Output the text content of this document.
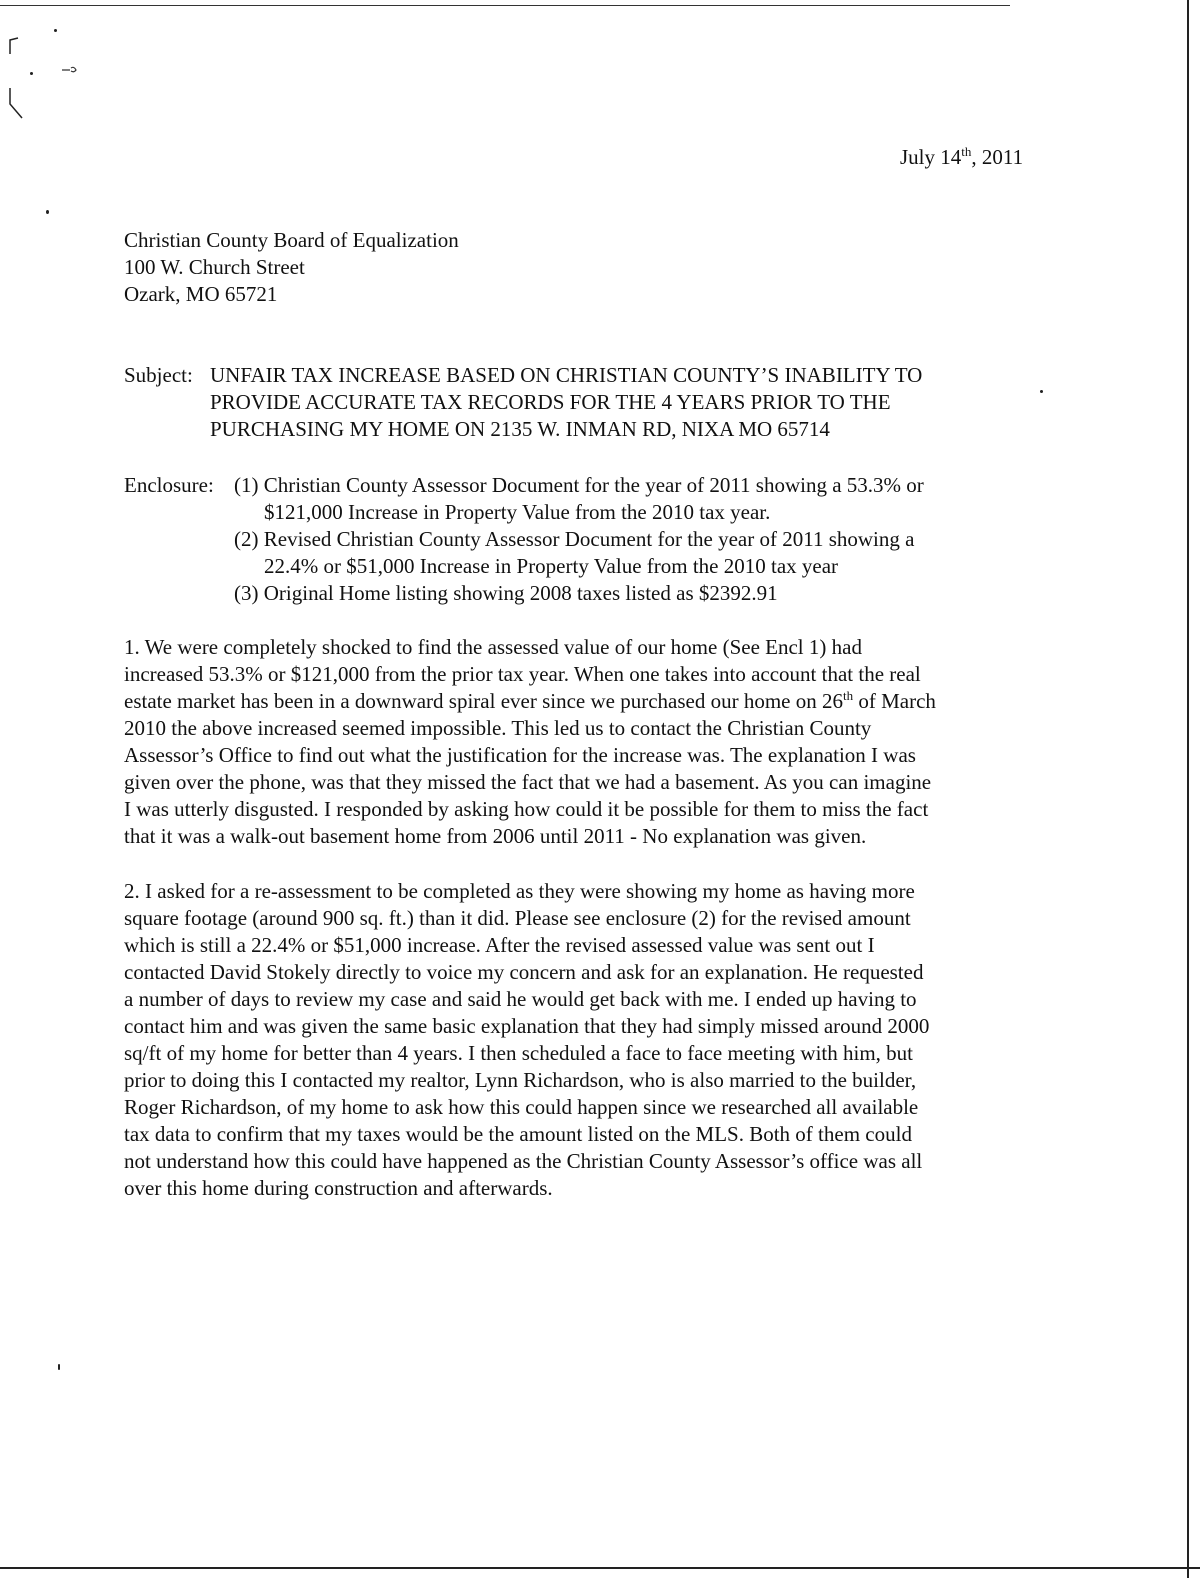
July 14th, 2011
Christian County Board of Equalization
100 W. Church Street
Ozark, MO 65721
Subject: UNFAIR TAX INCREASE BASED ON CHRISTIAN COUNTY’S INABILITY TO
PROVIDE ACCURATE TAX RECORDS FOR THE 4 YEARS PRIOR TO THE
PURCHASING MY HOME ON 2135 W. INMAN RD, NIXA MO 65714
Enclosure: (1) Christian County Assessor Document for the year of 2011 showing a 53.3% or
$121,000 Increase in Property Value from the 2010 tax year.
(2) Revised Christian County Assessor Document for the year of 2011 showing a
22.4% or $51,000 Increase in Property Value from the 2010 tax year
(3) Original Home listing showing 2008 taxes listed as $2392.91
1. We were completely shocked to find the assessed value of our home (See Encl 1) had
increased 53.3% or $121,000 from the prior tax year. When one takes into account that the real
estate market has been in a downward spiral ever since we purchased our home on 26th of March
2010 the above increased seemed impossible. This led us to contact the Christian County
Assessor’s Office to find out what the justification for the increase was. The explanation I was
given over the phone, was that they missed the fact that we had a basement. As you can imagine
I was utterly disgusted. I responded by asking how could it be possible for them to miss the fact
that it was a walk-out basement home from 2006 until 2011 - No explanation was given.
2. I asked for a re-assessment to be completed as they were showing my home as having more
square footage (around 900 sq. ft.) than it did. Please see enclosure (2) for the revised amount
which is still a 22.4% or $51,000 increase. After the revised assessed value was sent out I
contacted David Stokely directly to voice my concern and ask for an explanation. He requested
a number of days to review my case and said he would get back with me. I ended up having to
contact him and was given the same basic explanation that they had simply missed around 2000
sq/ft of my home for better than 4 years. I then scheduled a face to face meeting with him, but
prior to doing this I contacted my realtor, Lynn Richardson, who is also married to the builder,
Roger Richardson, of my home to ask how this could happen since we researched all available
tax data to confirm that my taxes would be the amount listed on the MLS. Both of them could
not understand how this could have happened as the Christian County Assessor’s office was all
over this home during construction and afterwards.
